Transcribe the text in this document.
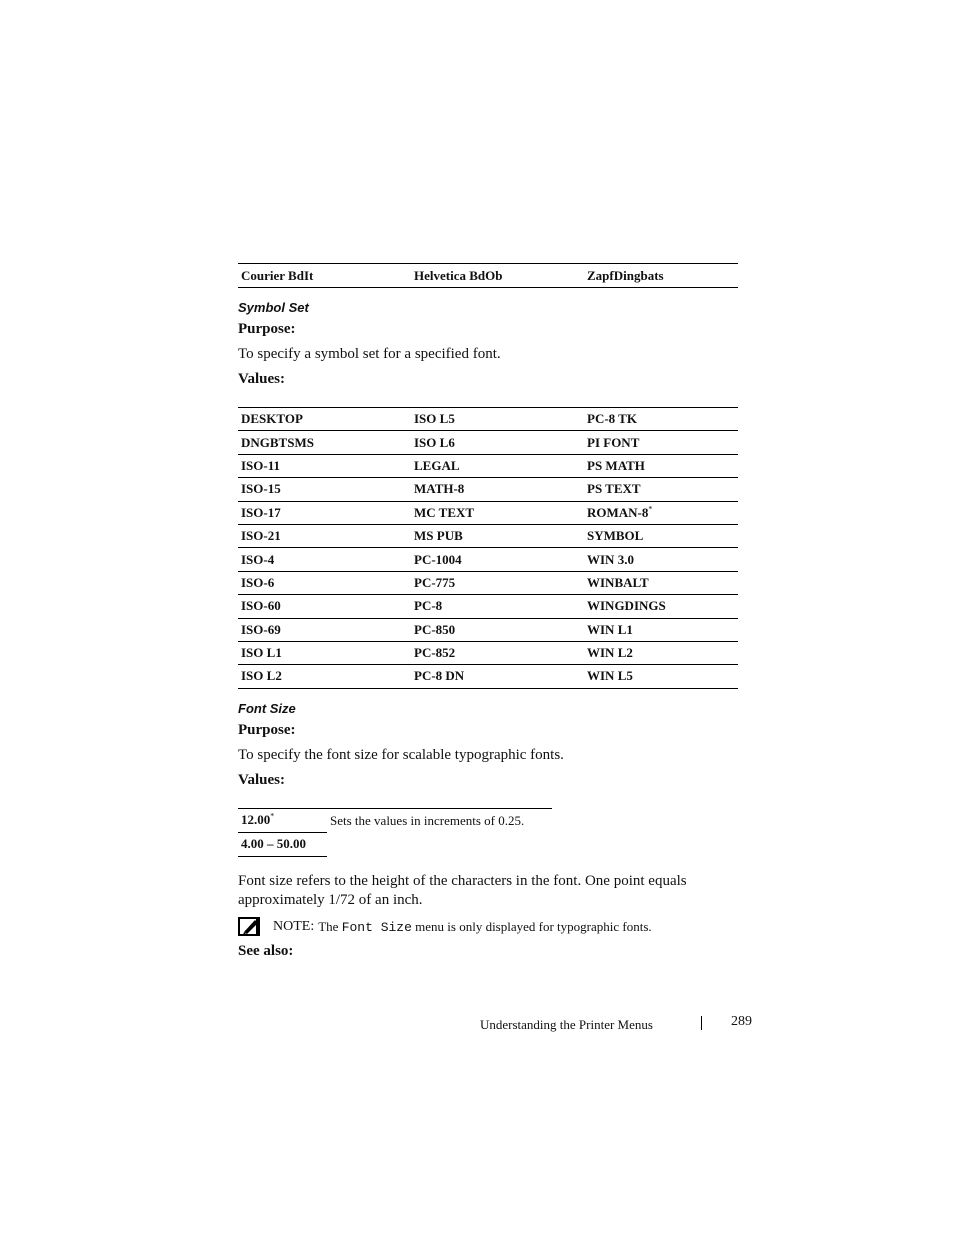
Courier BdIt	Helvetica BdOb	ZapfDingbats

Symbol Set

Purpose:

To specify a symbol set for a specified font.

Values:

DESKTOP	ISO L5	PC-8 TK
DNGBTSMS	ISO L6	PI FONT
ISO-11	LEGAL	PS MATH
ISO-15	MATH-8	PS TEXT
ISO-17	MC TEXT	ROMAN-8*
ISO-21	MS PUB	SYMBOL
ISO-4	PC-1004	WIN 3.0
ISO-6	PC-775	WINBALT
ISO-60	PC-8	WINGDINGS
ISO-69	PC-850	WIN L1
ISO L1	PC-852	WIN L2
ISO L2	PC-8 DN	WIN L5

Font Size

Purpose:

To specify the font size for scalable typographic fonts.

Values:

12.00*	Sets the values in increments of 0.25.
4.00 – 50.00

Font size refers to the height of the characters in the font. One point equals approximately 1/72 of an inch.

NOTE: The Font Size menu is only displayed for typographic fonts.

See also:

Understanding the Printer Menus	289
